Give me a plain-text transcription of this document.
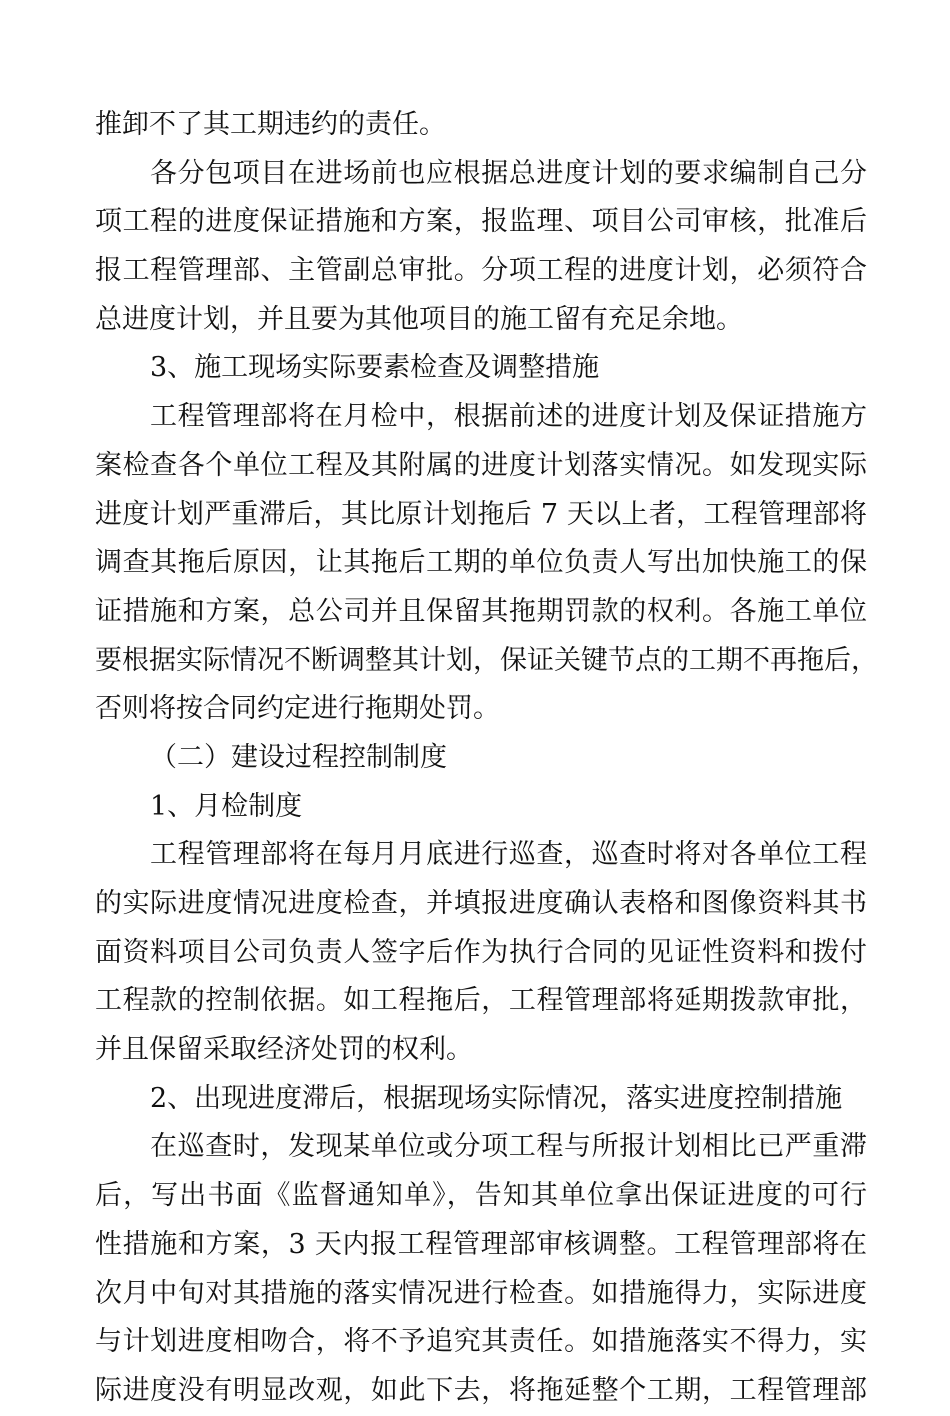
推卸不了其工期违约的责任。
各分包项目在进场前也应根据总进度计划的要求编制自己分
项工程的进度保证措施和方案，报监理、项目公司审核，批准后
报工程管理部、主管副总审批。分项工程的进度计划，必须符合
总进度计划，并且要为其他项目的施工留有充足余地。
3、施工现场实际要素检查及调整措施
工程管理部将在月检中，根据前述的进度计划及保证措施方
案检查各个单位工程及其附属的进度计划落实情况。如发现实际
进度计划严重滞后，其比原计划拖后 7 天以上者，工程管理部将
调查其拖后原因，让其拖后工期的单位负责人写出加快施工的保
证措施和方案，总公司并且保留其拖期罚款的权利。各施工单位
要根据实际情况不断调整其计划，保证关键节点的工期不再拖后，
否则将按合同约定进行拖期处罚。
（二）建设过程控制制度
1、月检制度
工程管理部将在每月月底进行巡查，巡查时将对各单位工程
的实际进度情况进度检查，并填报进度确认表格和图像资料其书
面资料项目公司负责人签字后作为执行合同的见证性资料和拨付
工程款的控制依据。如工程拖后，工程管理部将延期拨款审批，
并且保留采取经济处罚的权利。
2、出现进度滞后，根据现场实际情况，落实进度控制措施
在巡查时，发现某单位或分项工程与所报计划相比已严重滞
后，写出书面《监督通知单》，告知其单位拿出保证进度的可行
性措施和方案，3 天内报工程管理部审核调整。工程管理部将在
次月中旬对其措施的落实情况进行检查。如措施得力，实际进度
与计划进度相吻合，将不予追究其责任。如措施落实不得力，实
际进度没有明显改观，如此下去，将拖延整个工期，工程管理部
